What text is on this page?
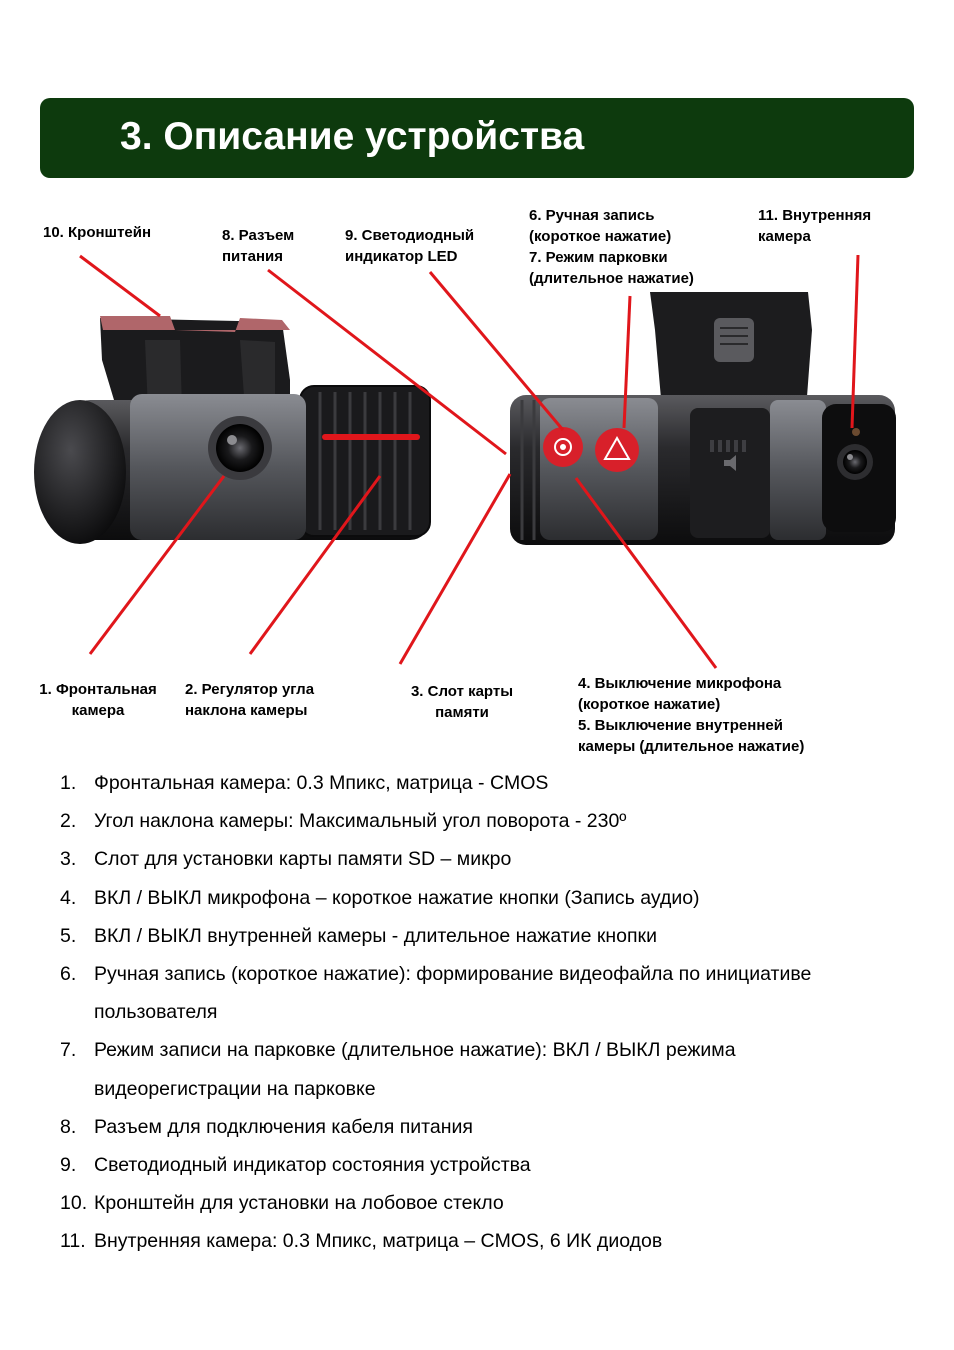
3. Описание устройства
10. Кронштейн	8. Разъем
питания
9. Светодиодный
индикатор LED
6. Ручная запись
(короткое нажатие)
7. Режим парковки
(длительное нажатие)
11. Внутренняя
камера
1. Фронтальная
камера
2. Регулятор угла
наклона камеры
3. Слот карты
памяти
4. Выключение микрофона
(короткое нажатие)
5. Выключение внутренней
камеры (длительное нажатие)
1. Фронтальная камера: 0.3 Мпикс, матрица - CMOS
2. Угол наклона камеры: Максимальный угол поворота - 230º
3. Слот для установки карты памяти SD – микро
4. ВКЛ / ВЫКЛ микрофона – короткое нажатие кнопки (Запись аудио)
5. ВКЛ / ВЫКЛ внутренней камеры - длительное нажатие кнопки
6. Ручная запись (короткое нажатие): формирование видеофайла по инициативе пользователя
7. Режим записи на парковке (длительное нажатие): ВКЛ / ВЫКЛ режима видеорегистрации на парковке
8. Разъем для подключения кабеля питания
9. Светодиодный индикатор состояния устройства
10. Кронштейн для установки на лобовое стекло
11. Внутренняя камера: 0.3 Мпикс, матрица – CMOS, 6 ИК диодов
